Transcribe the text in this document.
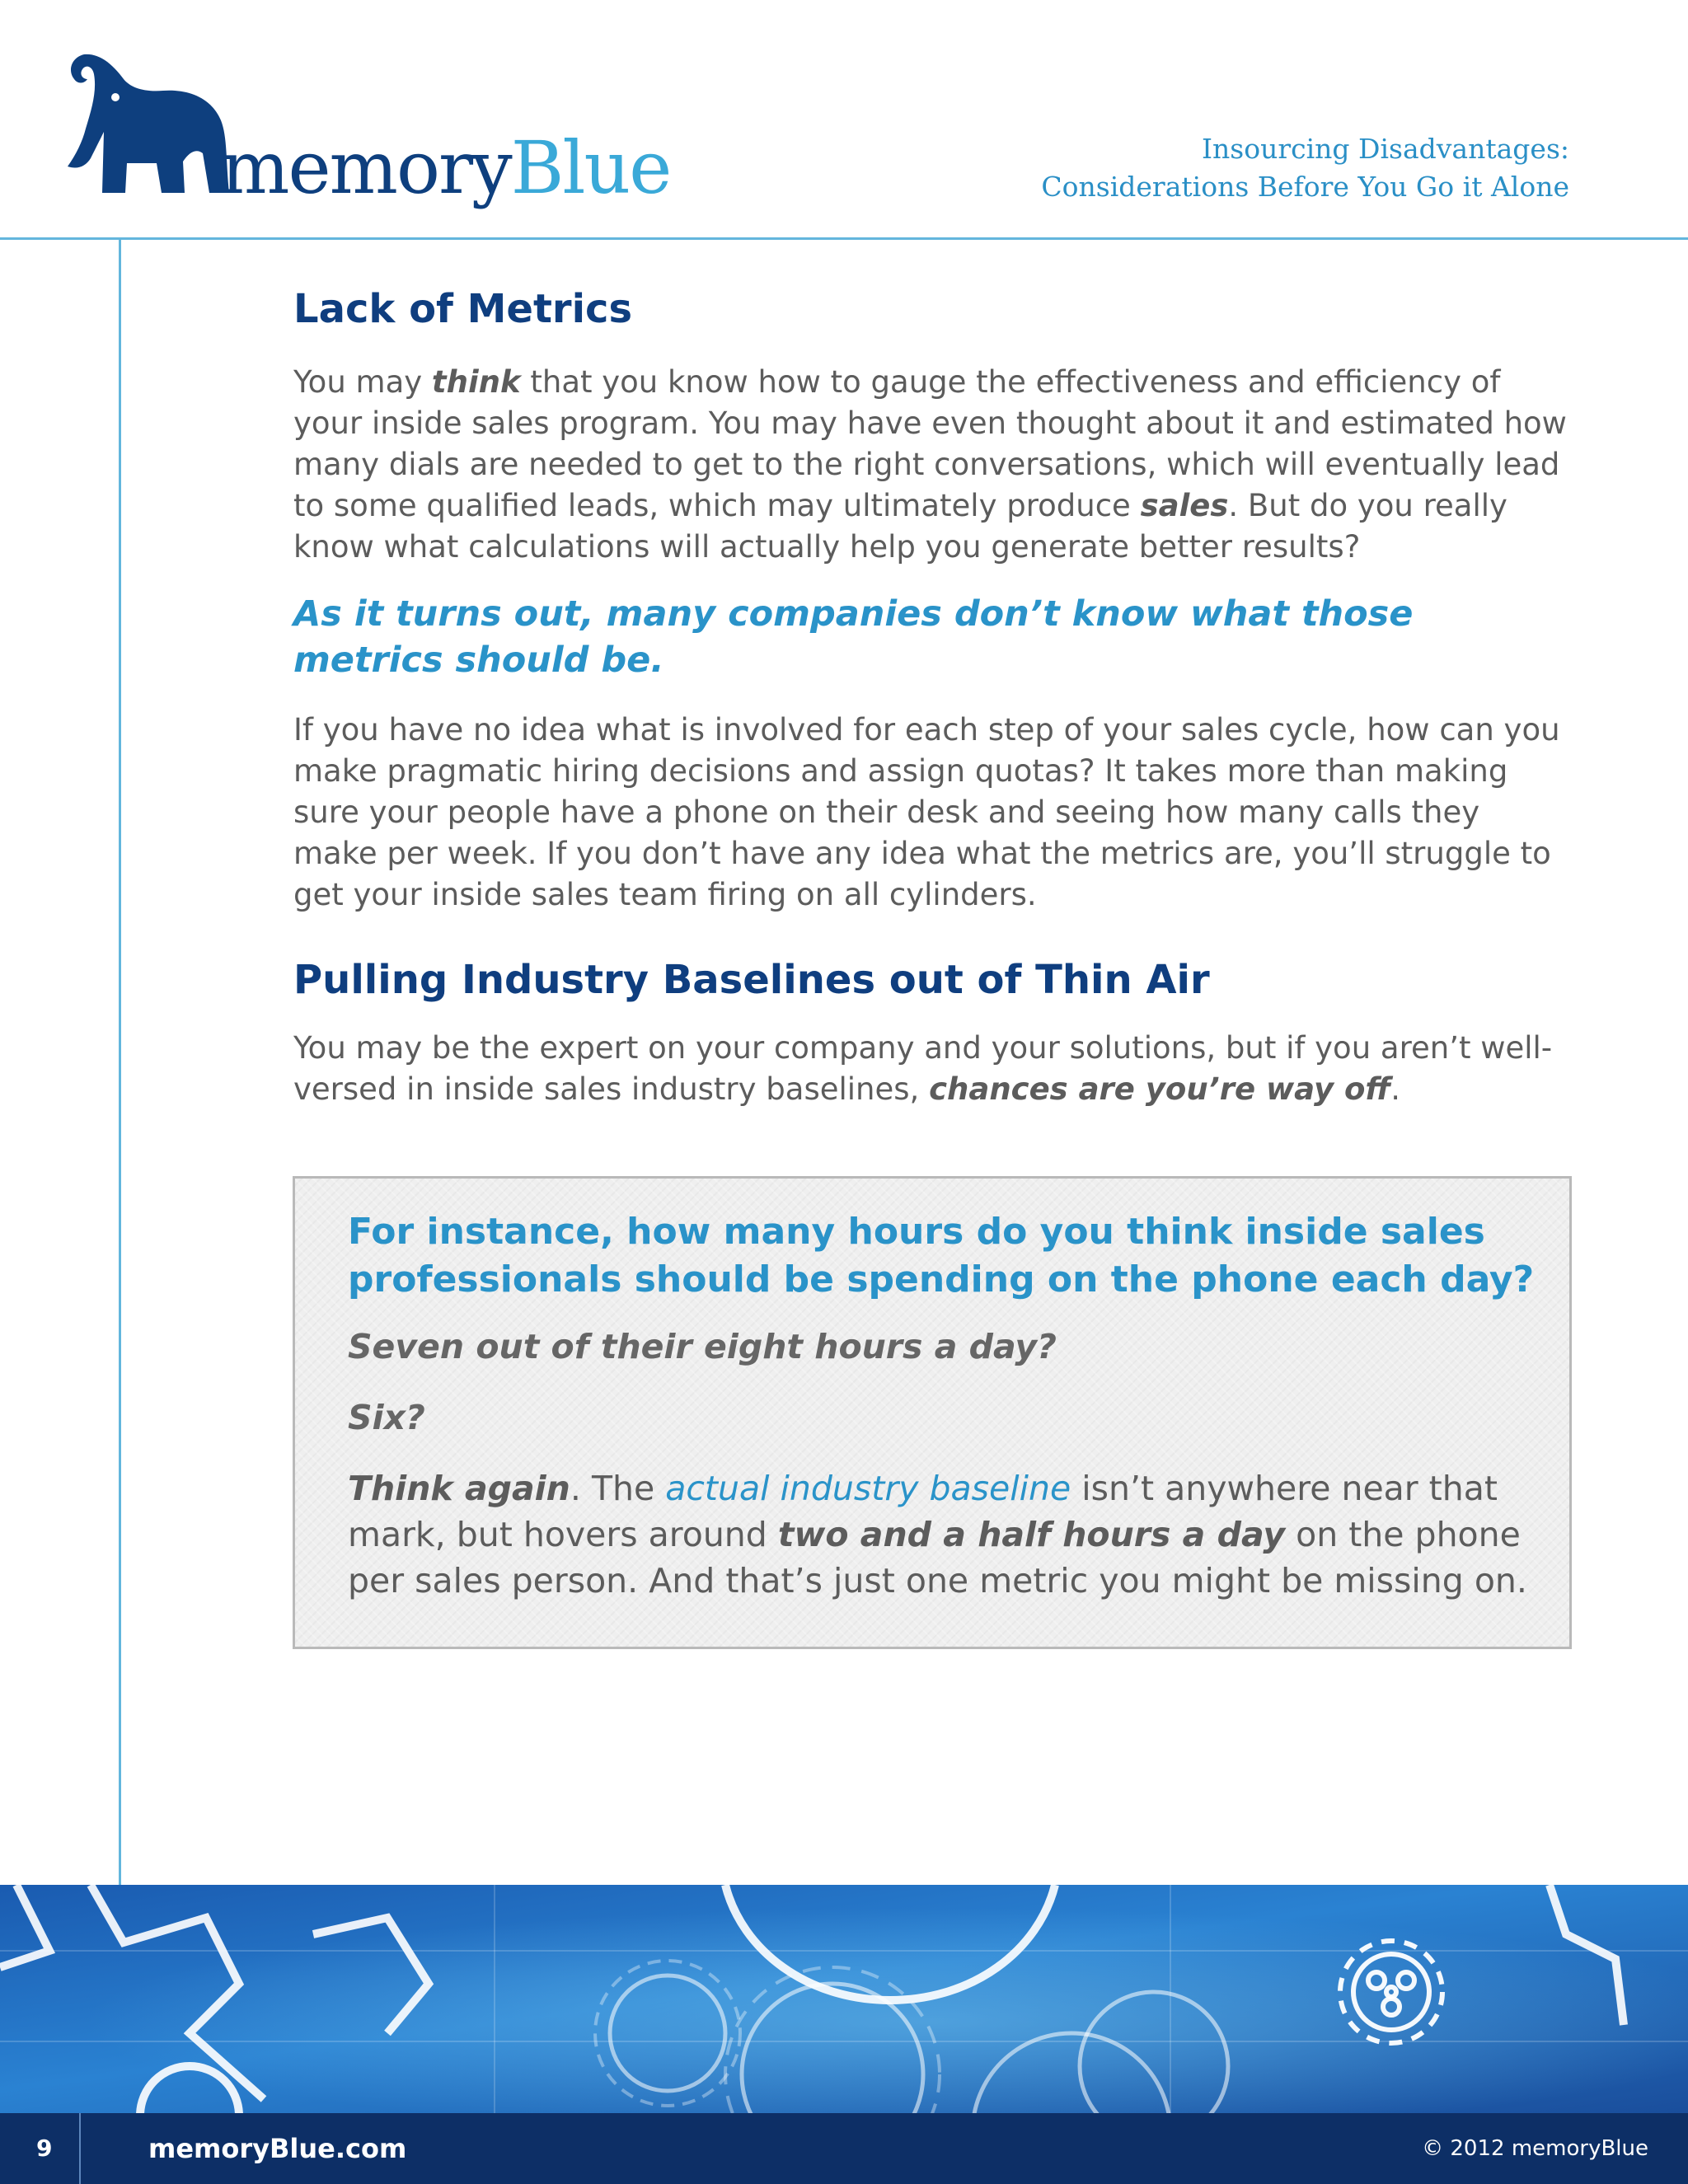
memoryBlue	Insourcing Disadvantages:
Considerations Before You Go it Alone
Lack of Metrics

You may think that you know how to gauge the effectiveness and efficiency of your inside sales program. You may have even thought about it and estimated how many dials are needed to get to the right conversations, which will eventually lead to some qualified leads, which may ultimately produce sales. But do you really know what calculations will actually help you generate better results?

As it turns out, many companies don’t know what those metrics should be.

If you have no idea what is involved for each step of your sales cycle, how can you make pragmatic hiring decisions and assign quotas? It takes more than making sure your people have a phone on their desk and seeing how many calls they make per week. If you don’t have any idea what the metrics are, you’ll struggle to get your inside sales team firing on all cylinders.

Pulling Industry Baselines out of Thin Air

You may be the expert on your company and your solutions, but if you aren’t well-versed in inside sales industry baselines, chances are you’re way off.

For instance, how many hours do you think inside sales professionals should be spending on the phone each day?

Seven out of their eight hours a day?

Six?

Think again. The actual industry baseline isn’t anywhere near that mark, but hovers around two and a half hours a day on the phone per sales person. And that’s just one metric you might be missing on.

9	memoryBlue.com	© 2012 memoryBlue
